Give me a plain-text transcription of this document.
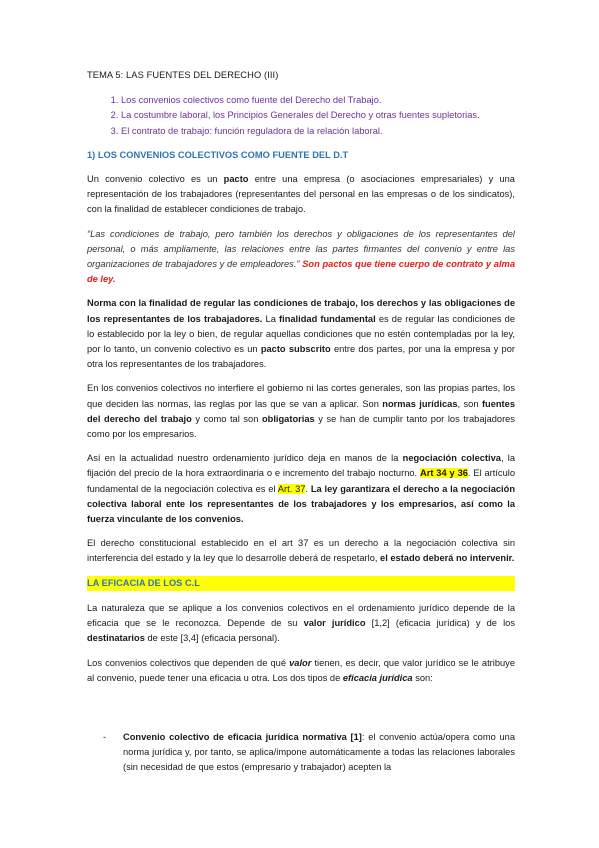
TEMA 5: LAS FUENTES DEL DERECHO (III)

1. Los convenios colectivos como fuente del Derecho del Trabajo.
2. La costumbre laboral, los Principios Generales del Derecho y otras fuentes supletorias.
3. El contrato de trabajo: función reguladora de la relación laboral.

1) LOS CONVENIOS COLECTIVOS COMO FUENTE DEL D.T

Un convenio colectivo es un pacto entre una empresa (o asociaciones empresariales) y una representación de los trabajadores (representantes del personal en las empresas o de los sindicatos), con la finalidad de establecer condiciones de trabajo.

“Las condiciones de trabajo, pero también los derechos y obligaciones de los representantes del personal, o más ampliamente, las relaciones entre las partes firmantes del convenio y entre las organizaciones de trabajadores y de empleadores.” Son pactos que tiene cuerpo de contrato y alma de ley.

Norma con la finalidad de regular las condiciones de trabajo, los derechos y las obligaciones de los representantes de los trabajadores. La finalidad fundamental es de regular las condiciones de lo establecido por la ley o bien, de regular aquellas condiciones que no estén contempladas por la ley, por lo tanto, un convenio colectivo es un pacto subscrito entre dos partes, por una la empresa y por otra los representantes de los trabajadores.

En los convenios colectivos no interfiere el gobierno ni las cortes generales, son las propias partes, los que deciden las normas, las reglas por las que se van a aplicar. Son normas jurídicas, son fuentes del derecho del trabajo y como tal son obligatorias y se han de cumplir tanto por los trabajadores como por los empresarios.

Así en la actualidad nuestro ordenamiento jurídico deja en manos de la negociación colectiva, la fijación del precio de la hora extraordinaria o e incremento del trabajo nocturno. Art 34 y 36. El artículo fundamental de la negociación colectiva es el Art. 37. La ley garantizara el derecho a la negociación colectiva laboral ente los representantes de los trabajadores y los empresarios, así como la fuerza vinculante de los convenios.

El derecho constitucional establecido en el art 37 es un derecho a la negociación colectiva sin interferencia del estado y la ley que lo desarrolle deberá de respetarlo, el estado deberá no intervenir.

LA EFICACIA DE LOS C.L

La naturaleza que se aplique a los convenios colectivos en el ordenamiento jurídico depende de la eficacia que se le reconozca. Depende de su valor jurídico [1,2] (eficacia jurídica) y de los destinatarios de este [3,4] (eficacia personal).

Los convenios colectivos que dependen de qué valor tienen, es decir, que valor jurídico se le atribuye al convenio, puede tener una eficacia u otra. Los dos tipos de eficacia jurídica son:

-	Convenio colectivo de eficacia jurídica normativa [1]: el convenio actúa/opera como una norma jurídica y, por tanto, se aplica/impone automáticamente a todas las relaciones laborales (sin necesidad de que estos (empresario y trabajador) acepten la
